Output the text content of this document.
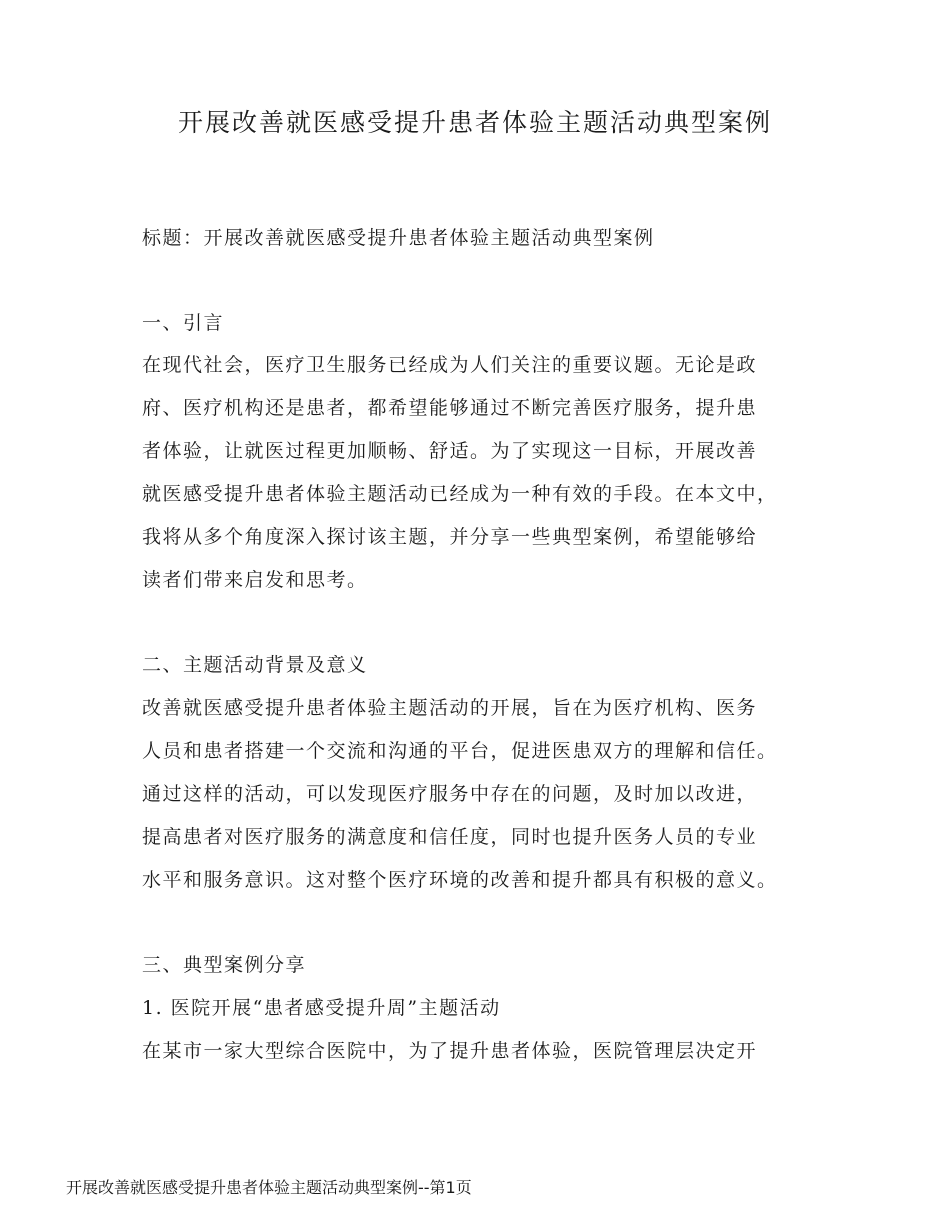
开展改善就医感受提升患者体验主题活动典型案例
标题：开展改善就医感受提升患者体验主题活动典型案例
一、引言
在现代社会，医疗卫生服务已经成为人们关注的重要议题。无论是政
府、医疗机构还是患者，都希望能够通过不断完善医疗服务，提升患
者体验，让就医过程更加顺畅、舒适。为了实现这一目标，开展改善
就医感受提升患者体验主题活动已经成为一种有效的手段。在本文中，
我将从多个角度深入探讨该主题，并分享一些典型案例，希望能够给
读者们带来启发和思考。
二、主题活动背景及意义
改善就医感受提升患者体验主题活动的开展，旨在为医疗机构、医务
人员和患者搭建一个交流和沟通的平台，促进医患双方的理解和信任。
通过这样的活动，可以发现医疗服务中存在的问题，及时加以改进，
提高患者对医疗服务的满意度和信任度，同时也提升医务人员的专业
水平和服务意识。这对整个医疗环境的改善和提升都具有积极的意义。
三、典型案例分享
1. 医院开展“患者感受提升周”主题活动
在某市一家大型综合医院中，为了提升患者体验，医院管理层决定开
开展改善就医感受提升患者体验主题活动典型案例--第1页
